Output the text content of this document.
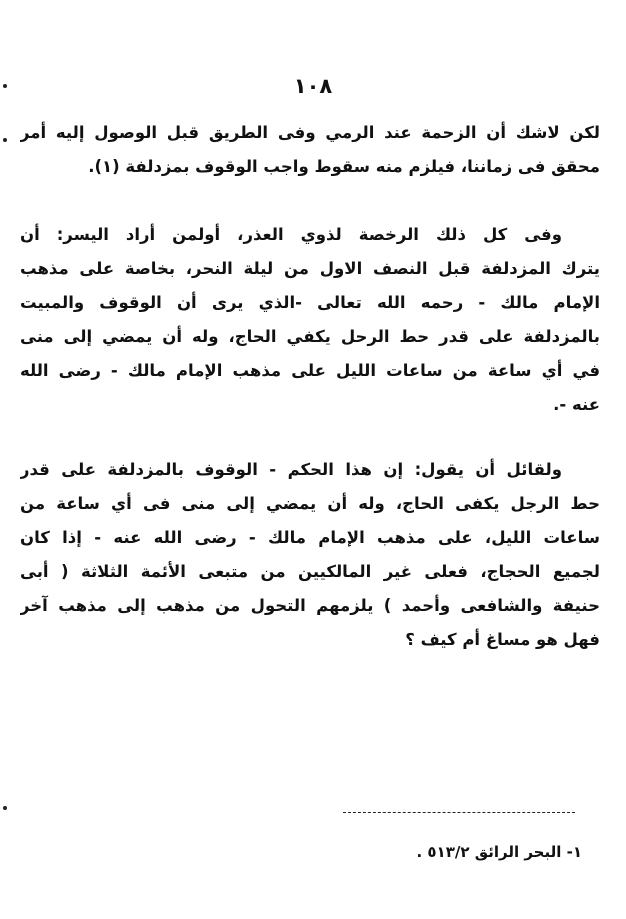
١٠٨
لكن لاشك أن الزحمة عند الرمي وفى الطريق قبل الوصول إليه أمر
محقق فى زماننا، فيلزم منه سقوط واجب الوقوف بمزدلفة (١).
وفى كل ذلك الرخصة لذوي العذر، أولمن أراد اليسر: أن
يترك المزدلفة قبل النصف الاول من ليلة النحر، بخاصة على مذهب
الإمام مالك - رحمه الله تعالى -الذي يرى أن الوقوف والمبيت
بالمزدلفة على قدر حط الرحل يكفي الحاج، وله أن يمضي إلى منى
في أي ساعة من ساعات الليل على مذهب الإمام مالك - رضى الله
عنه -.
ولقائل أن يقول: إن هذا الحكم - الوقوف بالمزدلفة على قدر
حط الرجل يكفى الحاج، وله أن يمضي إلى منى فى أي ساعة من
ساعات الليل، على مذهب الإمام مالك - رضى الله عنه - إذا كان
لجميع الحجاج، فعلى غير المالكيين من متبعى الأئمة الثلاثة ( أبى
حنيفة والشافعى وأحمد ) يلزمهم التحول من مذهب إلى مذهب آخر
فهل هو مساغ أم كيف ؟
١- البحر الرائق ٥١٣/٢ .
